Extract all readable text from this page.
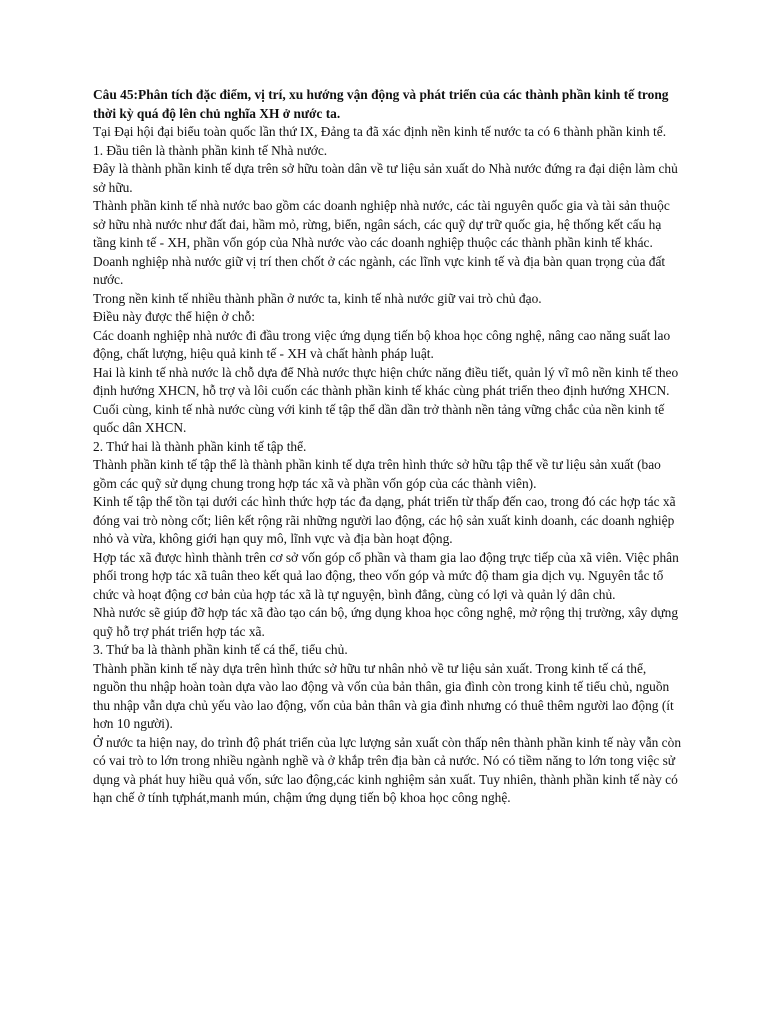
Câu 45:Phân tích đặc điểm, vị trí, xu hướng vận động và phát triển của các thành phần kinh tế trong thời kỳ quá độ lên chủ nghĩa XH ở nước ta.

Tại Đại hội đại biểu toàn quốc lần thứ IX, Đảng ta đã xác định nền kinh tế nước ta có 6 thành phần kinh tế.

1. Đầu tiên là thành phần kinh tế Nhà nước.

Đây là thành phần kinh tế dựa trên sở hữu toàn dân về tư liệu sản xuất do Nhà nước đứng ra đại diện làm chủ sở hữu.

Thành phần kinh tế nhà nước bao gồm các doanh nghiệp nhà nước, các tài nguyên quốc gia và tài sản thuộc sở hữu nhà nước như đất đai, hầm mỏ, rừng, biển, ngân sách, các quỹ dự trữ quốc gia, hệ thống kết cấu hạ tầng kinh tế - XH, phần vốn góp của Nhà nước vào các doanh nghiệp thuộc các thành phần kinh tế khác. Doanh nghiệp nhà nước giữ vị trí then chốt ở các ngành, các lĩnh vực kinh tế và địa bàn quan trọng của đất nước.

Trong nền kinh tế nhiều thành phần ở nước ta, kinh tế nhà nước giữ vai trò chủ đạo.

Điều này được thể hiện ở chỗ:

Các doanh nghiệp nhà nước đi đầu trong việc ứng dụng tiến bộ khoa học công nghệ, nâng cao năng suất lao động, chất lượng, hiệu quả kinh tế - XH và chất hành pháp luật.

Hai là kinh tế nhà nước là chỗ dựa để Nhà nước thực hiện chức năng điều tiết, quản lý vĩ mô nền kinh tế theo định hướng XHCN, hỗ trợ và lôi cuốn các thành phần kinh tế khác cùng phát triển theo định hướng XHCN.

Cuối cùng, kinh tế nhà nước cùng với kinh tế tập thể dần dần trở thành nền tảng vững chắc của nền kinh tế quốc dân XHCN.

2. Thứ hai là thành phần kinh tế tập thể.

Thành phần kinh tế tập thể là thành phần kinh tế dựa trên hình thức sở hữu tập thể về tư liệu sản xuất (bao gồm các quỹ sử dụng chung trong hợp tác xã và phần vốn góp của các thành viên).

Kinh tế tập thể tồn tại dưới các hình thức hợp tác đa dạng, phát triển từ thấp đến cao, trong đó các hợp tác xã đóng vai trò nòng cốt; liên kết rộng rãi những người lao động, các hộ sản xuất kinh doanh, các doanh nghiệp nhỏ và vừa, không giới hạn quy mô, lĩnh vực và địa bàn hoạt động.

Hợp tác xã được hình thành trên cơ sở vốn góp cổ phần và tham gia lao động trực tiếp của xã viên. Việc phân phối trong hợp tác xã tuân theo kết quả lao động, theo vốn góp và mức độ tham gia dịch vụ. Nguyên tắc tổ chức và hoạt động cơ bản của hợp tác xã là tự nguyện, bình đẳng, cùng có lợi và quản lý dân chủ.

Nhà nước sẽ giúp đỡ hợp tác xã đào tạo cán bộ, ứng dụng khoa học công nghệ, mở rộng thị trường, xây dựng quỹ hỗ trợ phát triển hợp tác xã.

3. Thứ ba là thành phần kinh tế cá thể, tiểu chủ.

Thành phần kinh tế này dựa trên hình thức sở hữu tư nhân nhỏ về tư liệu sản xuất. Trong kinh tế cá thể, nguồn thu nhập hoàn toàn dựa vào lao động và vốn của bản thân, gia đình còn trong kinh tế tiểu chủ, nguồn thu nhập vẫn dựa chủ yếu vào lao động, vốn của bản thân và gia đình nhưng có thuê thêm người lao động (ít hơn 10 người).

Ở nước ta hiện nay, do trình độ phát triển của lực lượng sản xuất còn thấp nên thành phần kinh tế này vẫn còn có vai trò to lớn trong nhiều ngành nghề và ở khắp trên địa bàn cả nước. Nó có tiềm năng to lớn tong việc sử dụng và phát huy hiều quả vốn, sức lao động,các kinh nghiệm sản xuất. Tuy nhiên, thành phần kinh tế này có hạn chế ở tính tựphát,manh mún, chậm ứng dụng tiến bộ khoa học công nghệ.
